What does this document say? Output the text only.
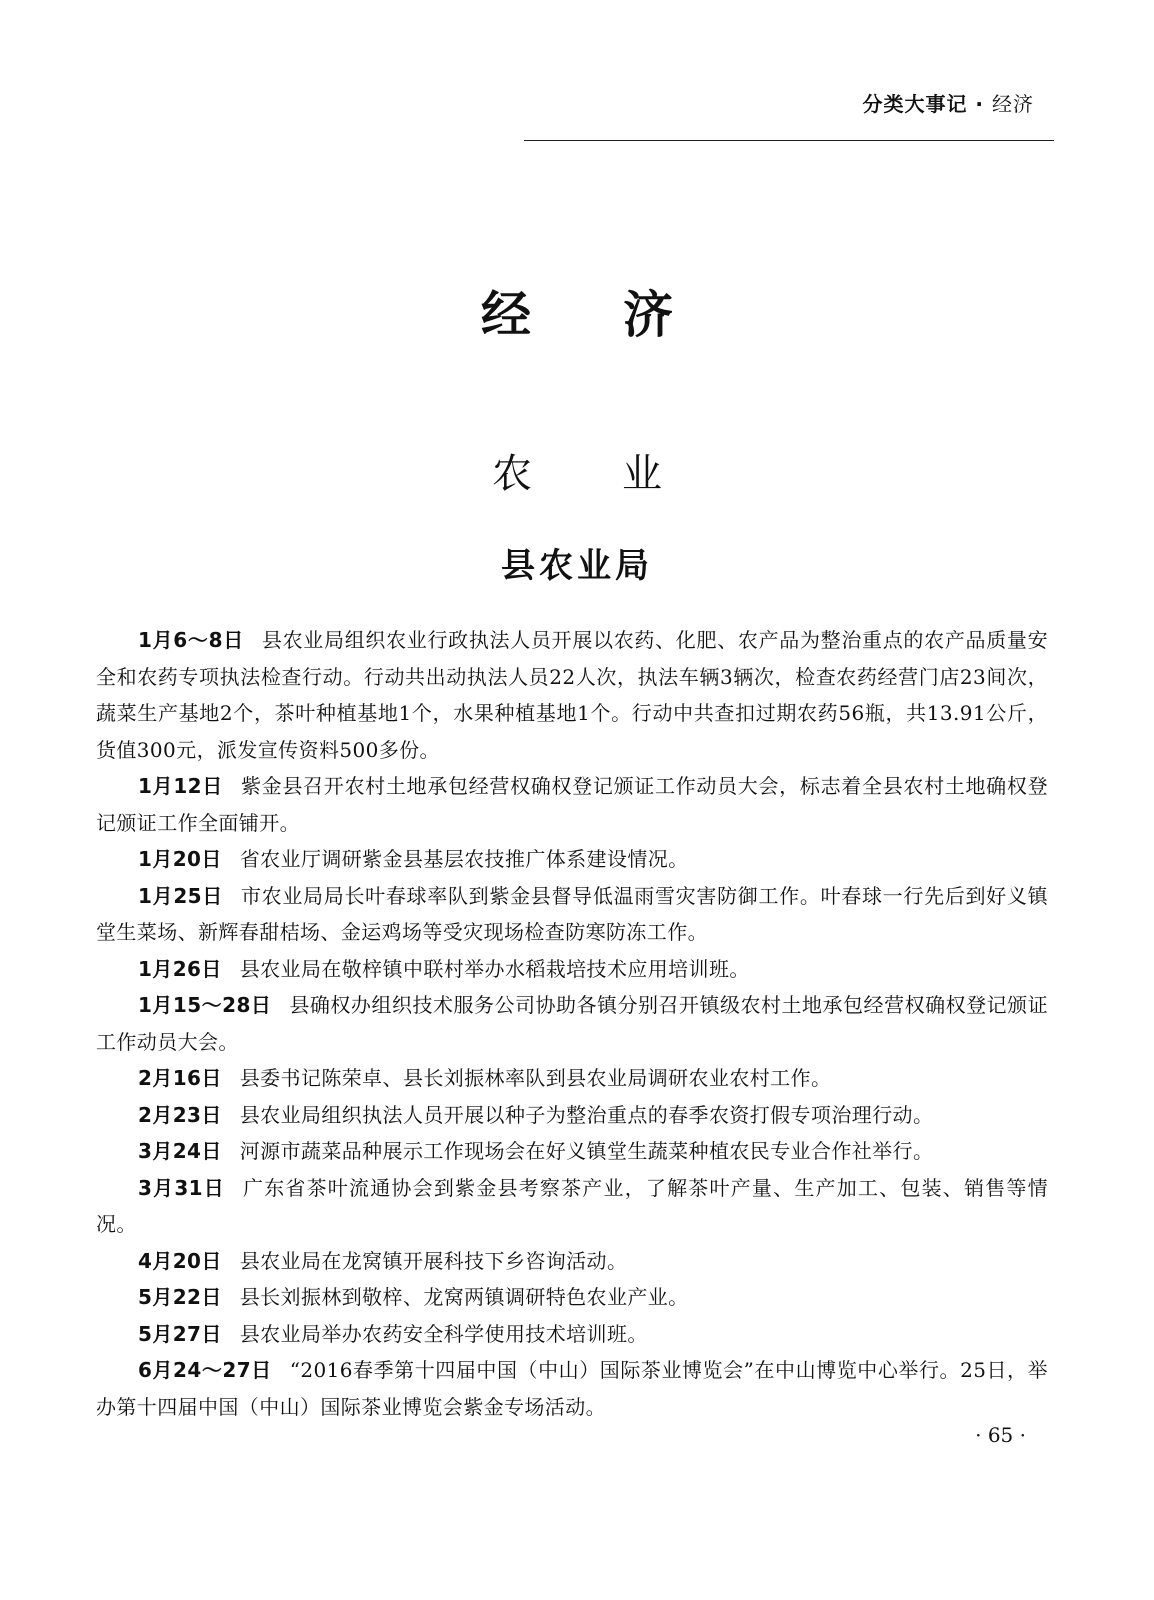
分类大事记 · 经济
经济
农业
县农业局

1月6～8日 县农业局组织农业行政执法人员开展以农药、化肥、农产品为整治重点的农产品质量安全和农药专项执法检查行动。行动共出动执法人员22人次，执法车辆3辆次，检查农药经营门店23间次，蔬菜生产基地2个，茶叶种植基地1个，水果种植基地1个。行动中共查扣过期农药56瓶，共13.91公斤，货值300元，派发宣传资料500多份。

1月12日 紫金县召开农村土地承包经营权确权登记颁证工作动员大会，标志着全县农村土地确权登记颁证工作全面铺开。

1月20日 省农业厅调研紫金县基层农技推广体系建设情况。

1月25日 市农业局局长叶春球率队到紫金县督导低温雨雪灾害防御工作。叶春球一行先后到好义镇堂生菜场、新辉春甜桔场、金运鸡场等受灾现场检查防寒防冻工作。

1月26日 县农业局在敬梓镇中联村举办水稻栽培技术应用培训班。

1月15～28日 县确权办组织技术服务公司协助各镇分别召开镇级农村土地承包经营权确权登记颁证工作动员大会。

2月16日 县委书记陈荣卓、县长刘振林率队到县农业局调研农业农村工作。

2月23日 县农业局组织执法人员开展以种子为整治重点的春季农资打假专项治理行动。

3月24日 河源市蔬菜品种展示工作现场会在好义镇堂生蔬菜种植农民专业合作社举行。

3月31日 广东省茶叶流通协会到紫金县考察茶产业，了解茶叶产量、生产加工、包装、销售等情况。

4月20日 县农业局在龙窝镇开展科技下乡咨询活动。

5月22日 县长刘振林到敬梓、龙窝两镇调研特色农业产业。

5月27日 县农业局举办农药安全科学使用技术培训班。

6月24～27日 “2016春季第十四届中国（中山）国际茶业博览会”在中山博览中心举行。25日，举办第十四届中国（中山）国际茶业博览会紫金专场活动。

· 65 ·
